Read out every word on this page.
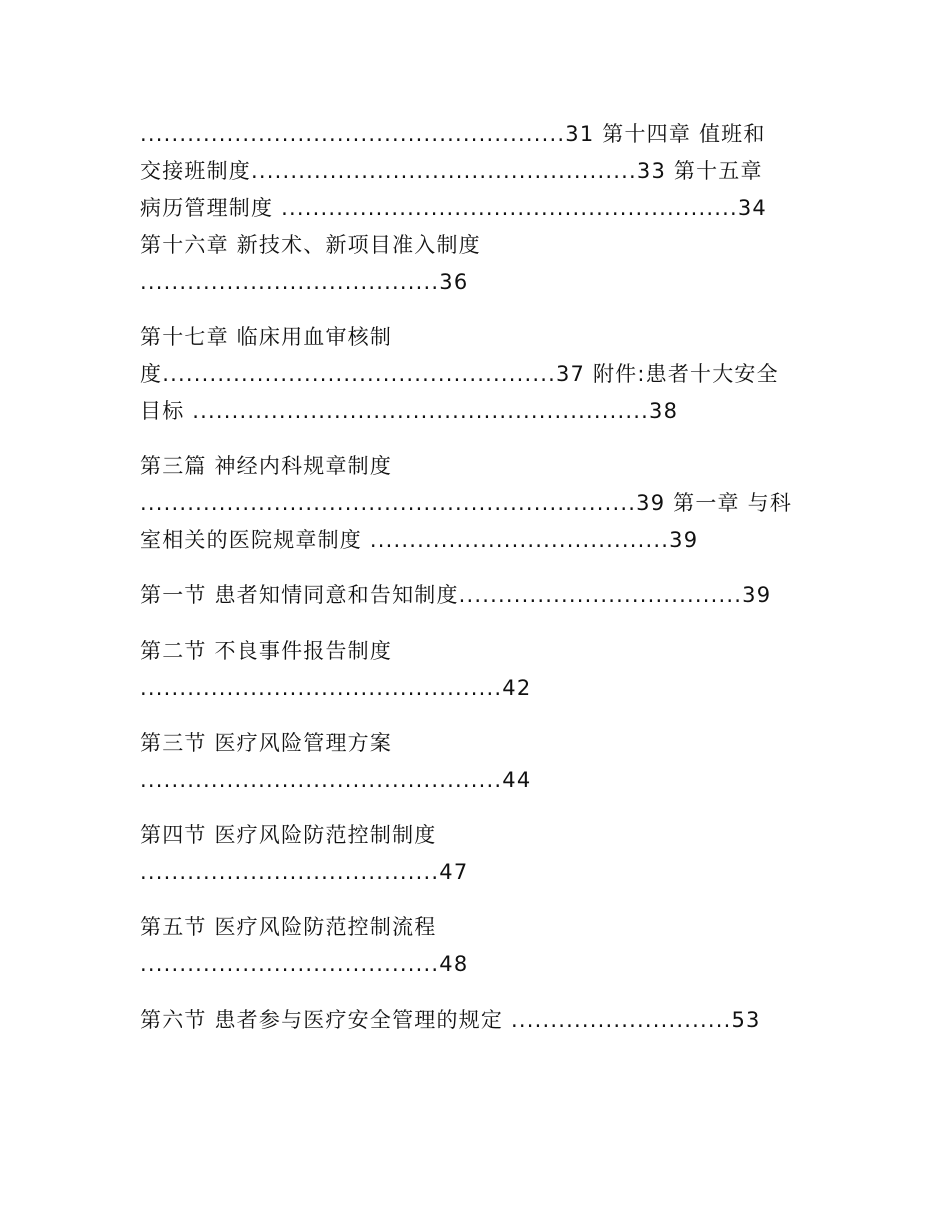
......................................................31 第十四章 值班和
交接班制度.................................................33 第十五章
病历管理制度 ..........................................................34
第十六章 新技术、新项目准入制度
......................................36
第十七章 临床用血审核制
度..................................................37 附件:患者十大安全
目标 ..........................................................38
第三篇 神经内科规章制度
...............................................................39 第一章 与科
室相关的医院规章制度 ......................................39
第一节 患者知情同意和告知制度....................................39
第二节 不良事件报告制度
..............................................42
第三节 医疗风险管理方案
..............................................44
第四节 医疗风险防范控制制度
......................................47
第五节 医疗风险防范控制流程
......................................48
第六节 患者参与医疗安全管理的规定 ............................53
